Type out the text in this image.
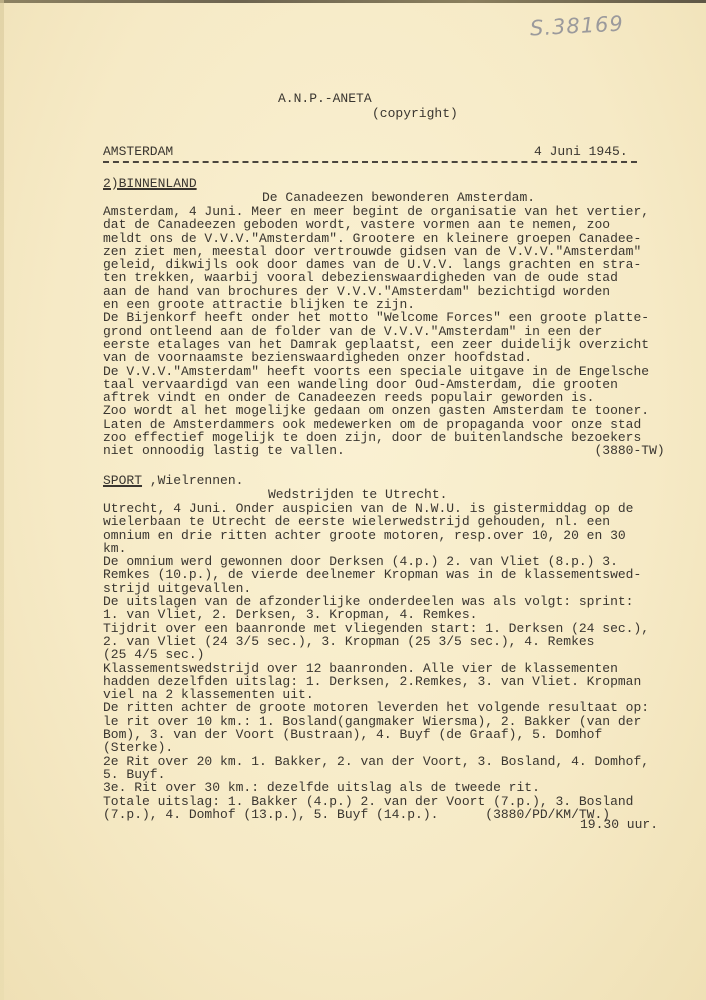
S.38169
A.N.P.-ANETA
(copyright)
AMSTERDAM	4 Juni 1945.
2)BINNENLAND
De Canadeezen bewonderen Amsterdam.
Amsterdam, 4 Juni. Meer en meer begint de organisatie van het vertier,
dat de Canadeezen geboden wordt, vastere vormen aan te nemen, zoo
meldt ons de V.V.V."Amsterdam". Grootere en kleinere groepen Canadee-
zen ziet men, meestal door vertrouwde gidsen van de V.V.V."Amsterdam"
geleid, dikwijls ook door dames van de U.V.V. langs grachten en stra-
ten trekken, waarbij vooral debezienswaardigheden van de oude stad
aan de hand van brochures der V.V.V."Amsterdam" bezichtigd worden
en een groote attractie blijken te zijn.
De Bijenkorf heeft onder het motto "Welcome Forces" een groote platte-
grond ontleend aan de folder van de V.V.V."Amsterdam" in een der
eerste etalages van het Damrak geplaatst, een zeer duidelijk overzicht
van de voornaamste bezienswaardigheden onzer hoofdstad.
De V.V.V."Amsterdam" heeft voorts een speciale uitgave in de Engelsche
taal vervaardigd van een wandeling door Oud-Amsterdam, die grooten
aftrek vindt en onder de Canadeezen reeds populair geworden is.
Zoo wordt al het mogelijke gedaan om onzen gasten Amsterdam te tooner.
Laten de Amsterdammers ook medewerken om de propaganda voor onze stad
zoo effectief mogelijk te doen zijn, door de buitenlandsche bezoekers
niet onnoodig lastig te vallen.                                (3880-TW)
SPORT ,Wielrennen.
Wedstrijden te Utrecht.
Utrecht, 4 Juni. Onder auspicien van de N.W.U. is gistermiddag op de
wielerbaan te Utrecht de eerste wielerwedstrijd gehouden, nl. een
omnium en drie ritten achter groote motoren, resp.over 10, 20 en 30
km.
De omnium werd gewonnen door Derksen (4.p.) 2. van Vliet (8.p.) 3.
Remkes (10.p.), de vierde deelnemer Kropman was in de klassementswed-
strijd uitgevallen.
De uitslagen van de afzonderlijke onderdeelen was als volgt: sprint:
1. van Vliet, 2. Derksen, 3. Kropman, 4. Remkes.
Tijdrit over een baanronde met vliegenden start: 1. Derksen (24 sec.),
2. van Vliet (24 3/5 sec.), 3. Kropman (25 3/5 sec.), 4. Remkes
(25 4/5 sec.)
Klassementswedstrijd over 12 baanronden. Alle vier de klassementen
hadden dezelfden uitslag: 1. Derksen, 2.Remkes, 3. van Vliet. Kropman
viel na 2 klassementen uit.
De ritten achter de groote motoren leverden het volgende resultaat op:
le rit over 10 km.: 1. Bosland(gangmaker Wiersma), 2. Bakker (van der
Bom), 3. van der Voort (Bustraan), 4. Buyf (de Graaf), 5. Domhof
(Sterke).
2e Rit over 20 km. 1. Bakker, 2. van der Voort, 3. Bosland, 4. Domhof,
5. Buyf.
3e. Rit over 30 km.: dezelfde uitslag als de tweede rit.
Totale uitslag: 1. Bakker (4.p.) 2. van der Voort (7.p.), 3. Bosland
(7.p.), 4. Domhof (13.p.), 5. Buyf (14.p.).      (3880/PD/KM/TW.)
19.30 uur.
